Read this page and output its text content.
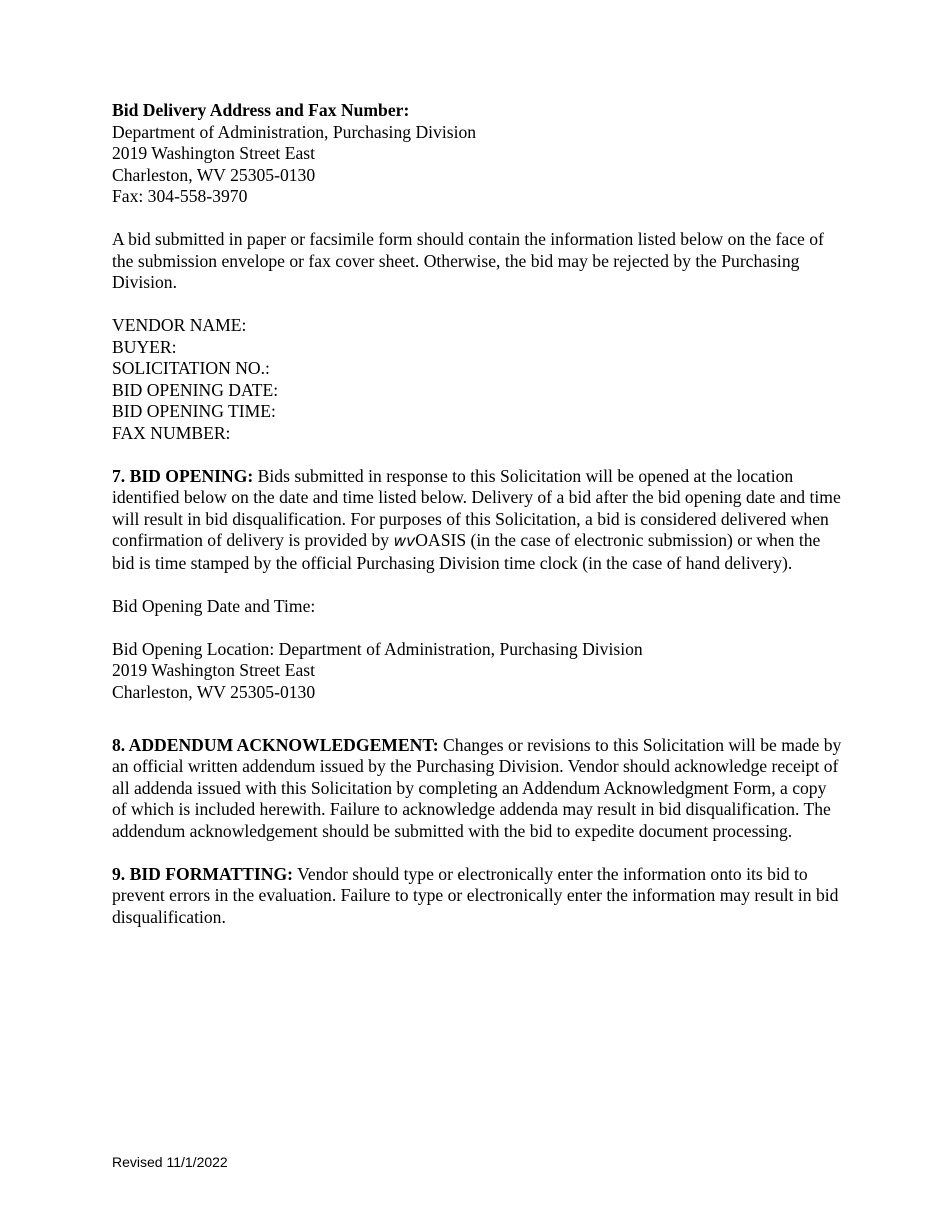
Bid Delivery Address and Fax Number:
Department of Administration, Purchasing Division
2019 Washington Street East
Charleston, WV 25305-0130
Fax: 304-558-3970
A bid submitted in paper or facsimile form should contain the information listed below on the face of the submission envelope or fax cover sheet. Otherwise, the bid may be rejected by the Purchasing Division.
VENDOR NAME:
BUYER:
SOLICITATION NO.:
BID OPENING DATE:
BID OPENING TIME:
FAX NUMBER:
7. BID OPENING: Bids submitted in response to this Solicitation will be opened at the location identified below on the date and time listed below. Delivery of a bid after the bid opening date and time will result in bid disqualification. For purposes of this Solicitation, a bid is considered delivered when confirmation of delivery is provided by wvOASIS (in the case of electronic submission) or when the bid is time stamped by the official Purchasing Division time clock (in the case of hand delivery).
Bid Opening Date and Time:
Bid Opening Location: Department of Administration, Purchasing Division
2019 Washington Street East
Charleston, WV 25305-0130
8. ADDENDUM ACKNOWLEDGEMENT: Changes or revisions to this Solicitation will be made by an official written addendum issued by the Purchasing Division. Vendor should acknowledge receipt of all addenda issued with this Solicitation by completing an Addendum Acknowledgment Form, a copy of which is included herewith. Failure to acknowledge addenda may result in bid disqualification. The addendum acknowledgement should be submitted with the bid to expedite document processing.
9. BID FORMATTING: Vendor should type or electronically enter the information onto its bid to prevent errors in the evaluation. Failure to type or electronically enter the information may result in bid disqualification.
Revised 11/1/2022
